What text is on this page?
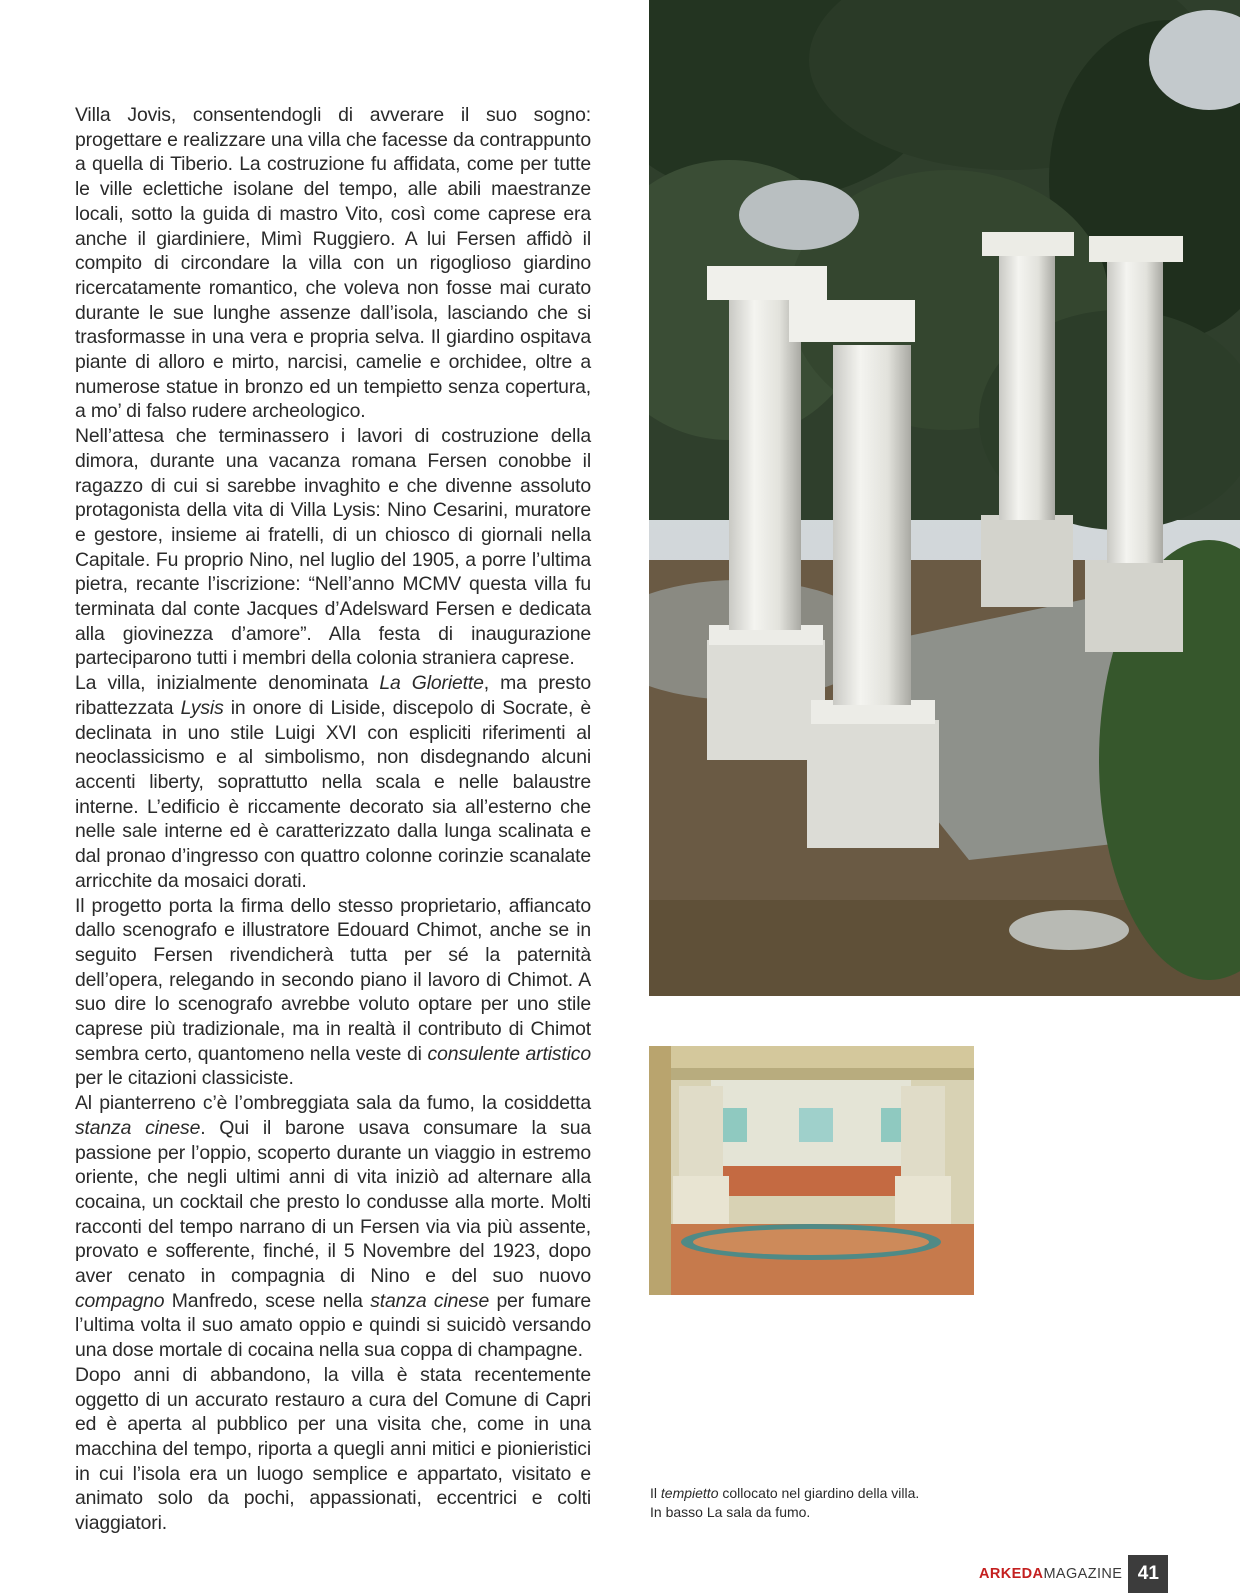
Villa Jovis, consentendogli di avverare il suo sogno: progettare e realizzare una villa che facesse da contrappunto a quella di Tiberio. La costruzione fu affidata, come per tutte le ville eclettiche isolane del tempo, alle abili maestranze locali, sotto la guida di mastro Vito, così come caprese era anche il giardiniere, Mimì Ruggiero. A lui Fersen affidò il compito di circondare la villa con un rigoglioso giardino ricercatamente romantico, che voleva non fosse mai curato durante le sue lunghe assenze dall’isola, lasciando che si trasformasse in una vera e propria selva. Il giardino ospitava piante di alloro e mirto, narcisi, camelie e orchidee, oltre a numerose statue in bronzo ed un tempietto senza copertura, a mo’ di falso rudere archeologico.

Nell’attesa che terminassero i lavori di costruzione della dimora, durante una vacanza romana Fersen conobbe il ragazzo di cui si sarebbe invaghito e che divenne assoluto protagonista della vita di Villa Lysis: Nino Cesarini, muratore e gestore, insieme ai fratelli, di un chiosco di giornali nella Capitale. Fu proprio Nino, nel luglio del 1905, a porre l’ultima pietra, recante l’iscrizione: “Nell’anno MCMV questa villa fu terminata dal conte Jacques d’Adelsward Fersen e dedicata alla giovinezza d’amore”. Alla festa di inaugurazione parteciparono tutti i membri della colonia straniera caprese.

La villa, inizialmente denominata La Gloriette, ma presto ribattezzata Lysis in onore di Liside, discepolo di Socrate, è declinata in uno stile Luigi XVI con espliciti riferimenti al neoclassicismo e al simbolismo, non disdegnando alcuni accenti liberty, soprattutto nella scala e nelle balaustre interne. L’edificio è riccamente decorato sia all’esterno che nelle sale interne ed è caratterizzato dalla lunga scalinata e dal pronao d’ingresso con quattro colonne corinzie scanalate arricchite da mosaici dorati.

Il progetto porta la firma dello stesso proprietario, affiancato dallo scenografo e illustratore Edouard Chimot, anche se in seguito Fersen rivendicherà tutta per sé la paternità dell’opera, relegando in secondo piano il lavoro di Chimot. A suo dire lo scenografo avrebbe voluto optare per uno stile caprese più tradizionale, ma in realtà il contributo di Chimot sembra certo, quantomeno nella veste di consulente artistico per le citazioni classiciste.

Al pianterreno c’è l’ombreggiata sala da fumo, la cosiddetta stanza cinese. Qui il barone usava consumare la sua passione per l’oppio, scoperto durante un viaggio in estremo oriente, che negli ultimi anni di vita iniziò ad alternare alla cocaina, un cocktail che presto lo condusse alla morte. Molti racconti del tempo narrano di un Fersen via via più assente, provato e sofferente, finché, il 5 Novembre del 1923, dopo aver cenato in compagnia di Nino e del suo nuovo compagno Manfredo, scese nella stanza cinese per fumare l’ultima volta il suo amato oppio e quindi si suicidò versando una dose mortale di cocaina nella sua coppa di champagne.

Dopo anni di abbandono, la villa è stata recentemente oggetto di un accurato restauro a cura del Comune di Capri ed è aperta al pubblico per una visita che, come in una macchina del tempo, riporta a quegli anni mitici e pionieristici in cui l’isola era un luogo semplice e appartato, visitato e animato solo da pochi, appassionati, eccentrici e colti viaggiatori.

Il tempietto collocato nel giardino della villa.

In basso La sala da fumo.

ARKEDAMAGAZINE 41
